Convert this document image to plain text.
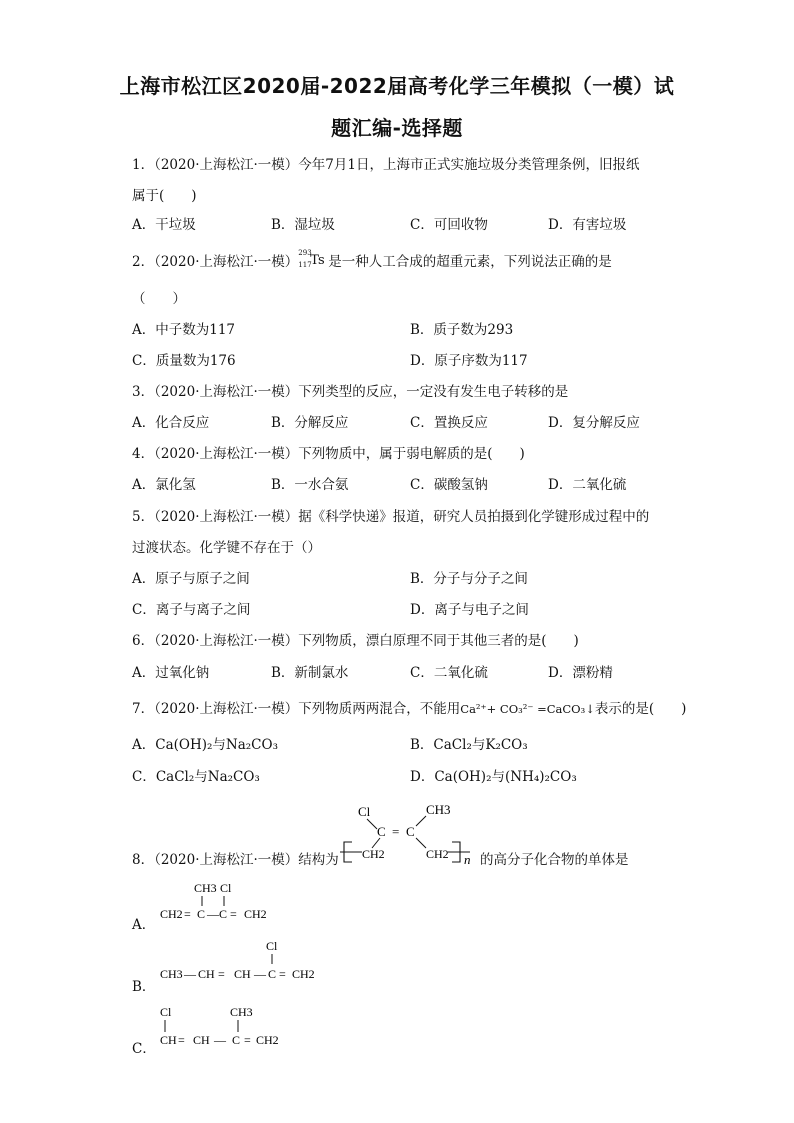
上海市松江区2020届-2022届高考化学三年模拟（一模）试
题汇编-选择题
1．（2020·上海松江·一模）今年7月1日，上海市正式实施垃圾分类管理条例，旧报纸
属于(　　)
A．干垃圾	B．湿垃圾	C．可回收物	D．有害垃圾
2．（2020·上海松江·一模）
293
117
Ts 是一种人工合成的超重元素，下列说法正确的是
（　　）
A．中子数为117	B．质子数为293
C．质量数为176	D．原子序数为117
3．（2020·上海松江·一模）下列类型的反应，一定没有发生电子转移的是
A．化合反应	B．分解反应	C．置换反应	D．复分解反应
4．（2020·上海松江·一模）下列物质中，属于弱电解质的是(　　)
A．氯化氢	B．一水合氨	C．碳酸氢钠	D．二氧化硫
5．（2020·上海松江·一模）据《科学快递》报道，研究人员拍摄到化学键形成过程中的
过渡状态。化学键不存在于（）
A．原子与原子之间	B．分子与分子之间
C．离子与离子之间	D．离子与电子之间
6．（2020·上海松江·一模）下列物质，漂白原理不同于其他三者的是(　　)
A．过氧化钠	B．新制氯水	C．二氧化硫	D．漂粉精
7．（2020·上海松江·一模）下列物质两两混合，不能用Ca²⁺+ CO₃²⁻ =CaCO₃↓表示的是(　　)
A．Ca(OH)₂与Na₂CO₃	B．CaCl₂与K₂CO₃
C．CaCl₂与Na₂CO₃	D．Ca(OH)₂与(NH₄)₂CO₃
8．（2020·上海松江·一模）结构为	的高分子化合物的单体是
Cl
C = C
CH3
CH2	CH2 n
A．
CH3 Cl
CH2 = C — C = CH2
B．
Cl
CH3 — CH = CH — C = CH2
C．
Cl	CH3
CH = CH — C = CH2
